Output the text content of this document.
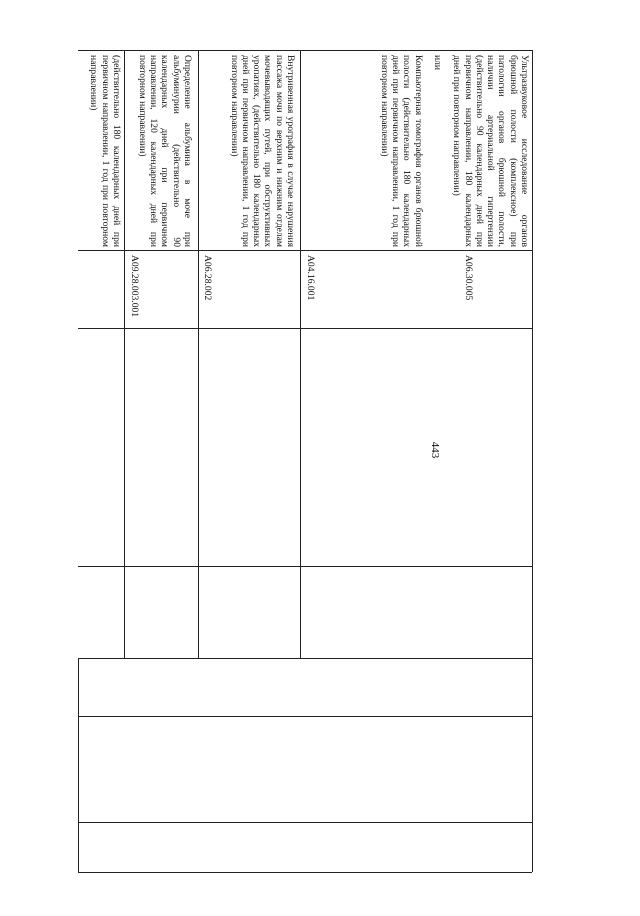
443

(действительно 180 календарных дней при первичном направлении, 1 год при повторном направлении)	Определение альбумина в моче при альбуминурии (действительно 90 календарных дней при первичном направлении, 120 календарных дней при повторном направлении)

A09.28.003.001

Внутривенная урография в случае нарушения пассажа мочи по верхним и нижним отделам мочевыводящих путей, при обструктивных уропатиях, (действительно 180 календарных дней при первичном направлении, 1 год при повторном направлении)

A06.28.002

Ультразвуковое исследование органов брюшной полости (комплексное) при патологии органов брюшной полости, наличии артериальной гипертензии (действительно 90 календарных дней при первичном направлении, 180 календарных дней при повторном направлении)
или
Компьютерная томография органов брюшной полости (действительно 180 календарных дней при первичном направлении, 1 год при повторном направлении)

A04.16.001	A06.30.005
